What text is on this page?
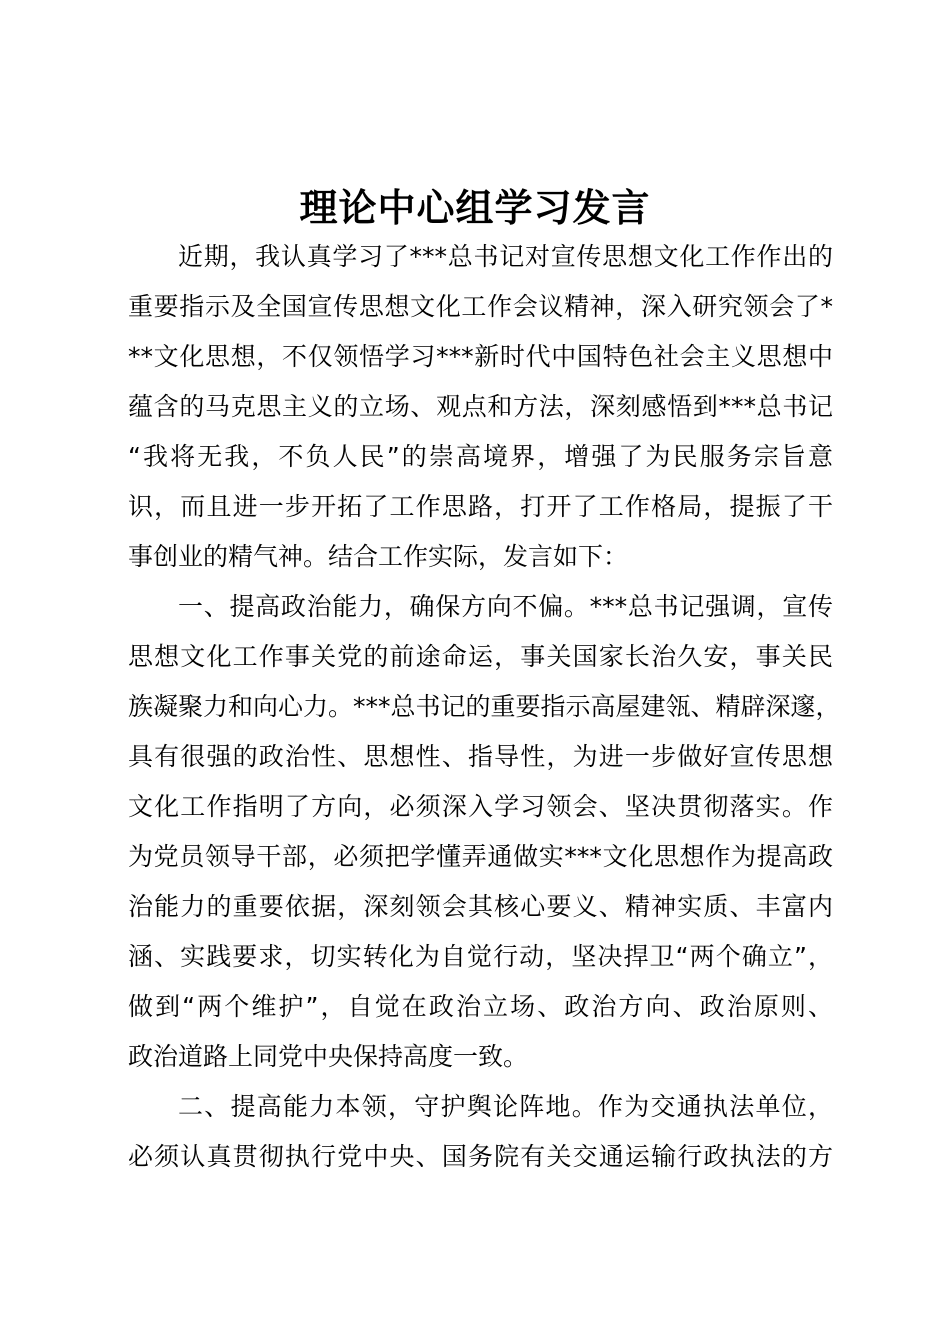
理论中心组学习发言
近期，我认真学习了***总书记对宣传思想文化工作作出的
重要指示及全国宣传思想文化工作会议精神，深入研究领会了*
**文化思想，不仅领悟学习***新时代中国特色社会主义思想中
蕴含的马克思主义的立场、观点和方法，深刻感悟到***总书记
“我将无我，不负人民”的崇高境界，增强了为民服务宗旨意
识，而且进一步开拓了工作思路，打开了工作格局，提振了干
事创业的精气神。结合工作实际，发言如下：
一、提高政治能力，确保方向不偏。***总书记强调，宣传
思想文化工作事关党的前途命运，事关国家长治久安，事关民
族凝聚力和向心力。***总书记的重要指示高屋建瓴、精辟深邃，
具有很强的政治性、思想性、指导性，为进一步做好宣传思想
文化工作指明了方向，必须深入学习领会、坚决贯彻落实。作
为党员领导干部，必须把学懂弄通做实***文化思想作为提高政
治能力的重要依据，深刻领会其核心要义、精神实质、丰富内
涵、实践要求，切实转化为自觉行动，坚决捍卫“两个确立”，
做到“两个维护”，自觉在政治立场、政治方向、政治原则、
政治道路上同党中央保持高度一致。
二、提高能力本领，守护舆论阵地。作为交通执法单位，
必须认真贯彻执行党中央、国务院有关交通运输行政执法的方
